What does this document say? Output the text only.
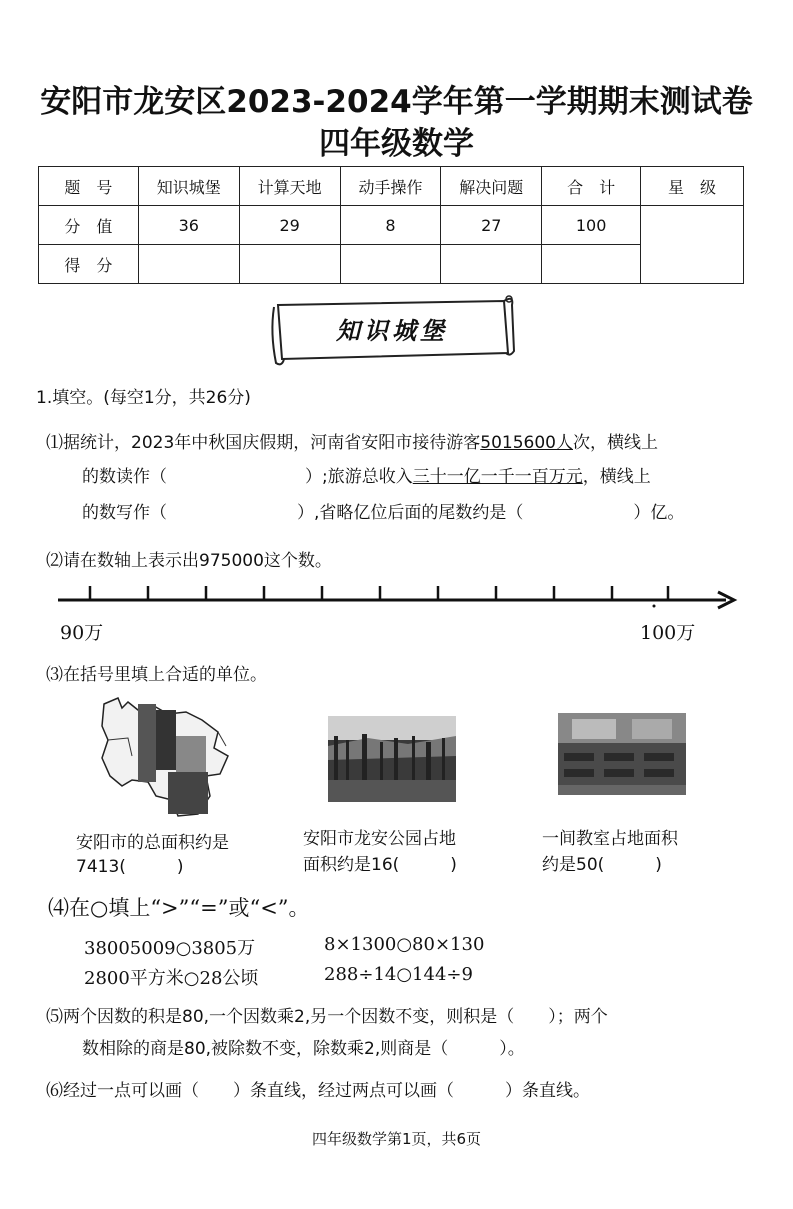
安阳市龙安区2023-2024学年第一学期期末测试卷
四年级数学
题　号	知识城堡	计算天地	动手操作	解决问题	合　计	星　级
分　值	36	29	8	27	100	
得　分						
知识城堡
1.填空。(每空1分，共26分)
⑴据统计，2023年中秋国庆假期，河南省安阳市接待游客5015600人次，横线上
的数读作（	）;旅游总收入三十一亿一千一百万元，横线上
的数写作（	）,省略亿位后面的尾数约是（	）亿。
⑵请在数轴上表示出975000这个数。
90万	100万
⑶在括号里填上合适的单位。
安阳市的总面积约是
7413(　　　)
安阳市龙安公园占地
面积约是16(　　　)
一间教室占地面积
约是50(　　　)
⑷在○填上“>”“=”或“<”。
38005009○3805万	8×1300○80×130
2800平方米○28公顷	288÷14○144÷9
⑸两个因数的积是80,一个因数乘2,另一个因数不变，则积是（　　）；两个
数相除的商是80,被除数不变，除数乘2,则商是（　　　）。
⑹经过一点可以画（　　）条直线，经过两点可以画（　　　）条直线。
四年级数学第1页，共6页
